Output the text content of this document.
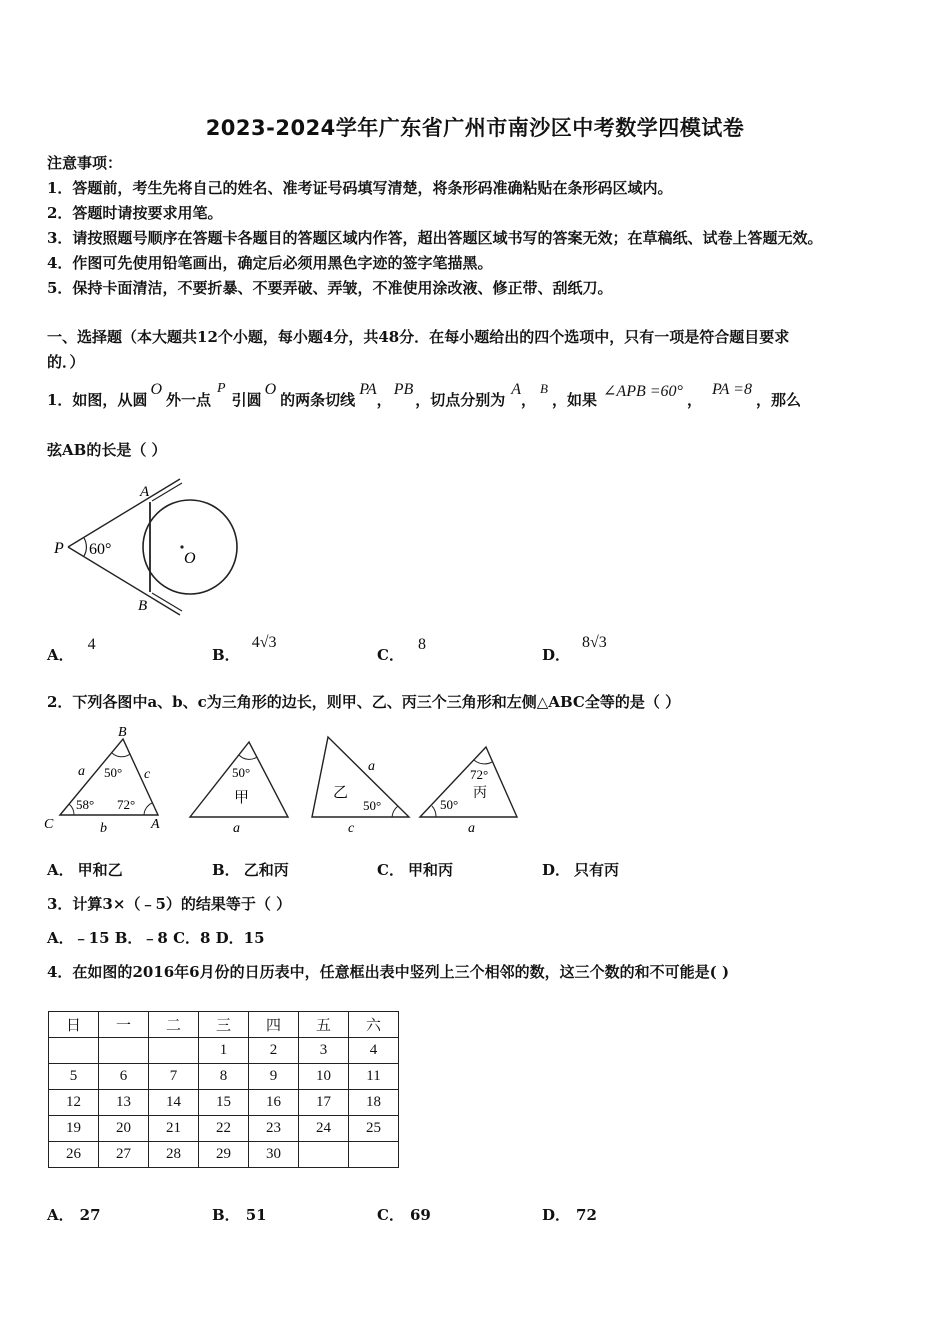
2023-2024学年广东省广州市南沙区中考数学四模试卷
注意事项：
1．答题前，考生先将自己的姓名、准考证号码填写清楚，将条形码准确粘贴在条形码区域内。
2．答题时请按要求用笔。
3．请按照题号顺序在答题卡各题目的答题区域内作答，超出答题区域书写的答案无效；在草稿纸、试卷上答题无效。
4．作图可先使用铅笔画出，确定后必须用黑色字迹的签字笔描黑。
5．保持卡面清洁，不要折暴、不要弄破、弄皱，不准使用涂改液、修正带、刮纸刀。
一、选择题（本大题共12个小题，每小题4分，共48分．在每小题给出的四个选项中，只有一项是符合题目要求
的．）
1．如图，从圆
O
外一点
P
引圆
O
的两条切线
PA
，
PB
，切点分别为
A
，
B
，如果 ∠APB =60° ，
PA =8
，那么
弦AB的长是（ ）
P
A
B
O
60°
A．
4
B．
4√3
C．
8
D．
8√3
2．下列各图中a、b、c为三角形的边长，则甲、乙、丙三个三角形和左侧△ABC全等的是（ ）
B
C	A
a
b
c
50°
58° 72°
50°
甲
a
乙
50°
a
c
72°
丙
50°
a
A． 甲和乙	B． 乙和丙	C． 甲和丙	D． 只有丙
3．计算3×（﹣5）的结果等于（ ）
A．﹣15 B．﹣8 C．8 D．15
4．在如图的2016年6月份的日历表中，任意框出表中竖列上三个相邻的数，这三个数的和不可能是( )
日	一	二	三	四	五	六
			1	2	3	4
5	6	7	8	9	10	11
12	13	14	15	16	17	18
19	20	21	22	23	24	25
26	27	28	29	30		
A． 27	B． 51	C． 69	D． 72
